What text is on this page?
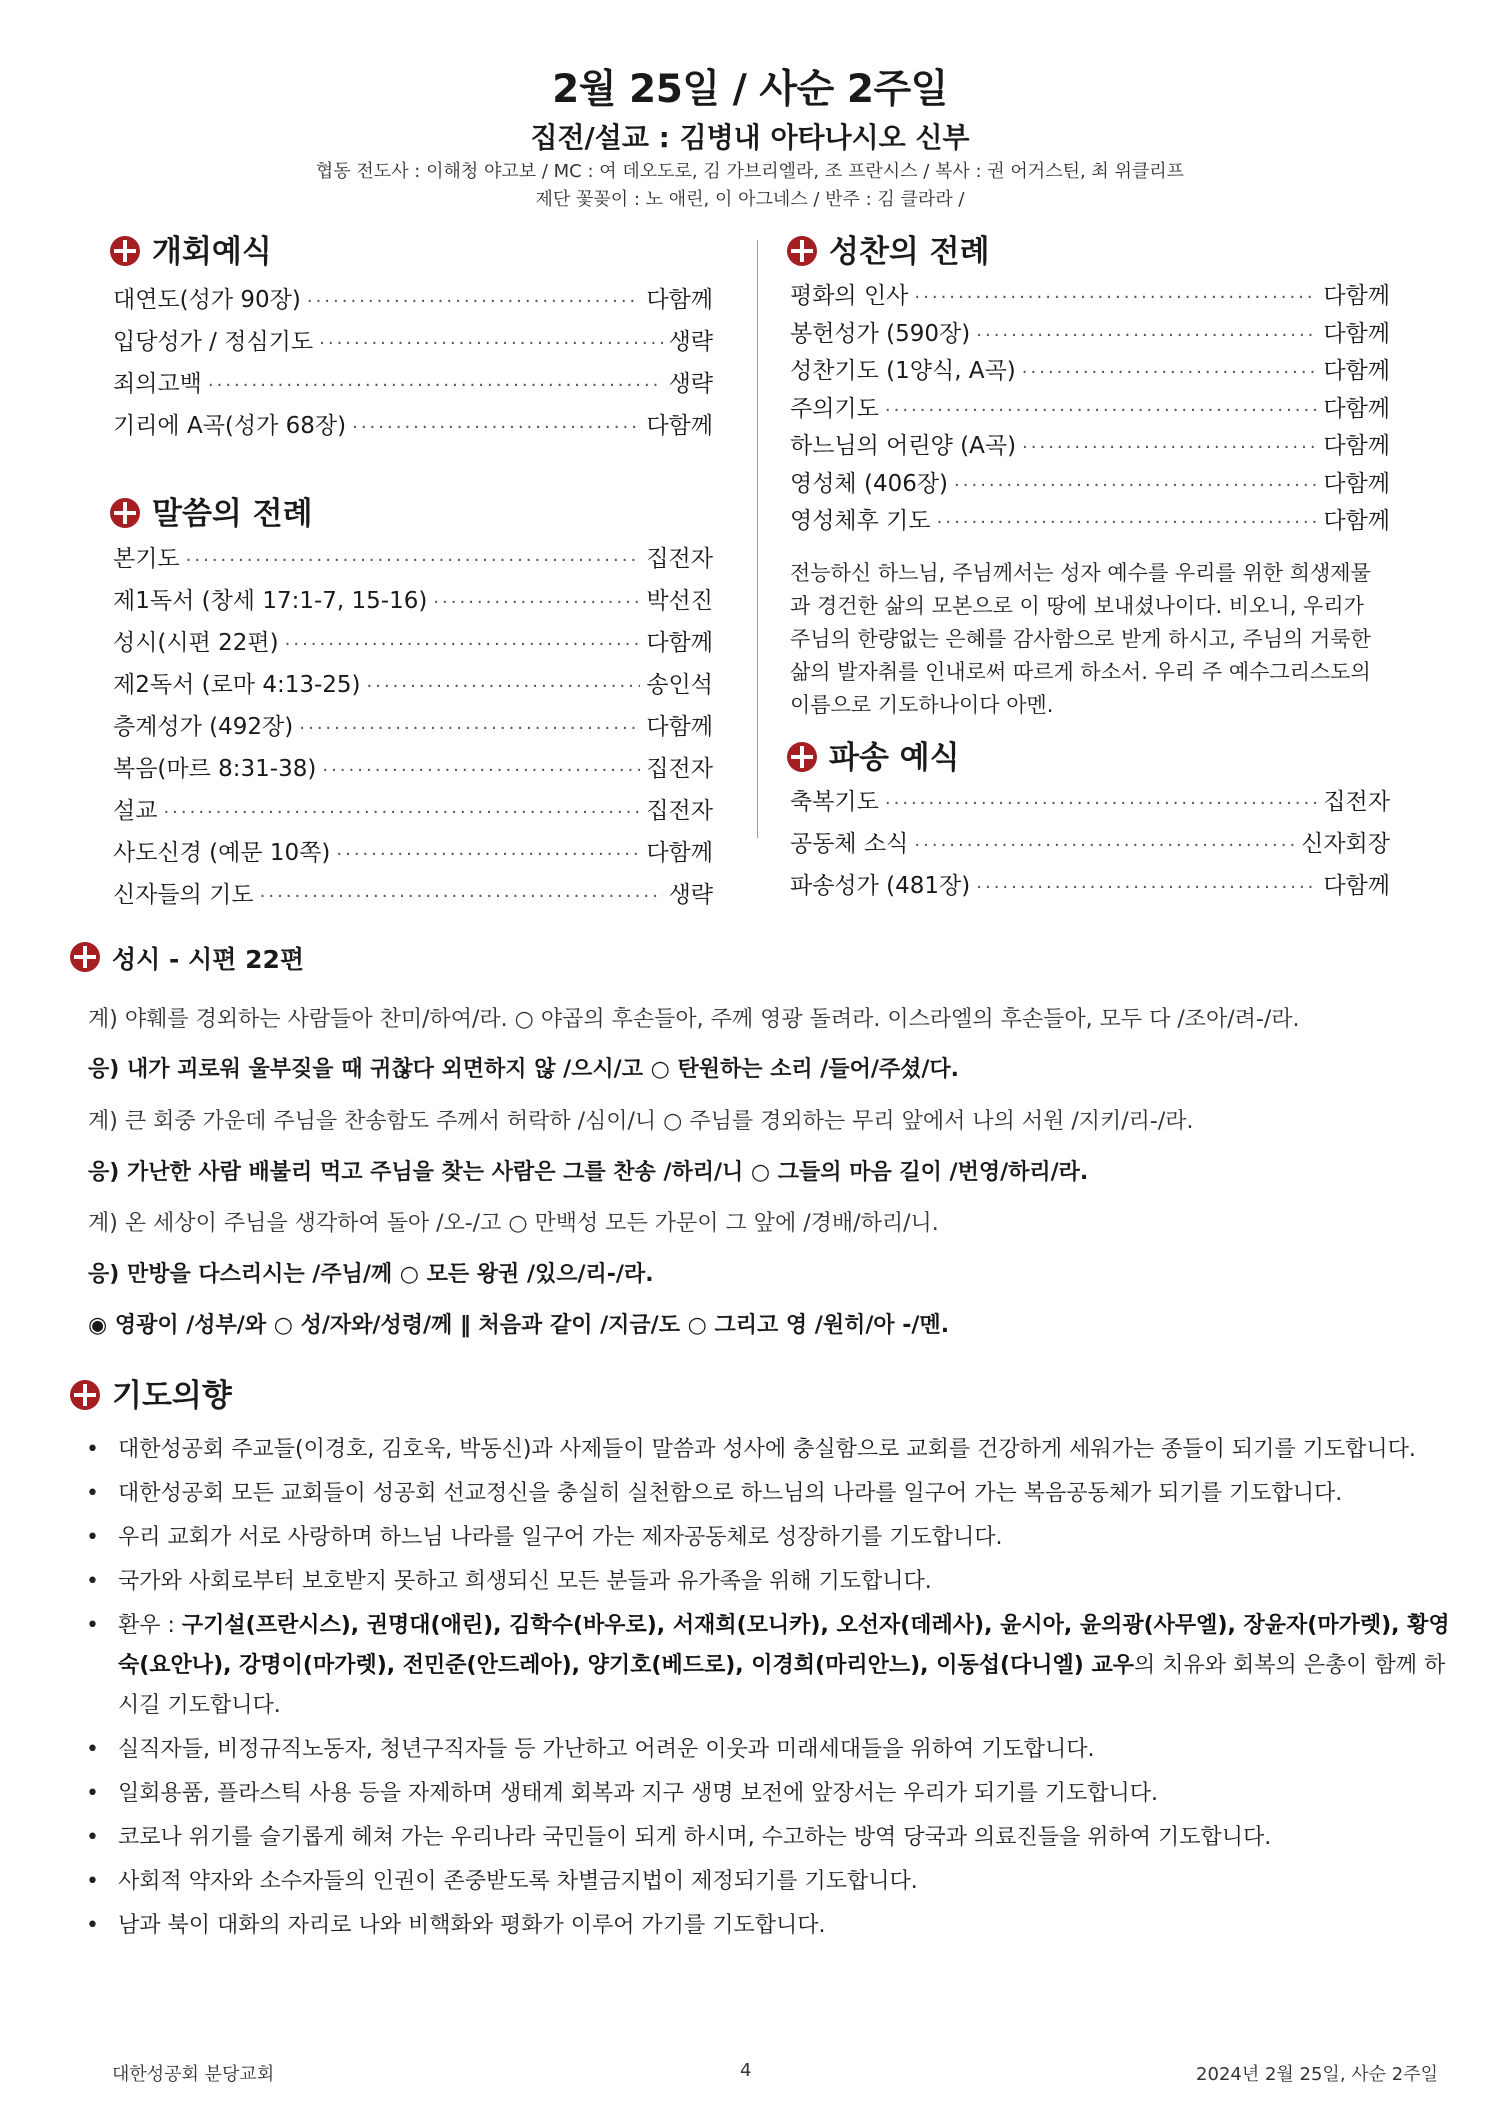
2월 25일 / 사순 2주일
집전/설교 : 김병내 아타나시오 신부
협동 전도사 : 이해청 야고보 / MC : 여 데오도로, 김 가브리엘라, 조 프란시스 / 복사 : 권 어거스틴, 최 위클리프
제단 꽃꽂이 : 노 애린, 이 아그네스 / 반주 : 김 클라라 /
개회예식
대연도(성가 90장) ·····	다함께
입당성가 / 정심기도 ·····	생략
죄의고백 ·····	생략
기리에 A곡(성가 68장) ·····	다함께
말씀의 전례
본기도 ·····	집전자
제1독서 (창세 17:1-7, 15-16) ·····	박선진
성시(시편 22편) ·····	다함께
제2독서 (로마 4:13-25) ·····	송인석
층계성가 (492장) ·····	다함께
복음(마르 8:31-38) ·····	집전자
설교 ·····	집전자
사도신경 (예문 10쪽) ·····	다함께
신자들의 기도 ·····	생략
성찬의 전례
평화의 인사 ·····	다함께
봉헌성가 (590장) ·····	다함께
성찬기도 (1양식, A곡) ·····	다함께
주의기도 ·····	다함께
하느님의 어린양 (A곡) ·····	다함께
영성체 (406장) ·····	다함께
영성체후 기도 ·····	다함께
전능하신 하느님, 주님께서는 성자 예수를 우리를 위한 희생제물과 경건한 삶의 모본으로 이 땅에 보내셨나이다. 비오니, 우리가 주님의 한량없는 은혜를 감사함으로 받게 하시고, 주님의 거룩한 삶의 발자취를 인내로써 따르게 하소서. 우리 주 예수그리스도의 이름으로 기도하나이다 아멘.
파송 예식
축복기도 ·····	집전자
공동체 소식 ·····	신자회장
파송성가 (481장) ·····	다함께
성시 - 시편 22편
계) 야훼를 경외하는 사람들아 찬미/하여/라. ○ 야곱의 후손들아, 주께 영광 돌려라. 이스라엘의 후손들아, 모두 다 /조아/려-/라.
응) 내가 괴로워 울부짖을 때 귀찮다 외면하지 않 /으시/고 ○ 탄원하는 소리 /들어/주셨/다.
계) 큰 회중 가운데 주님을 찬송함도 주께서 허락하 /심이/니 ○ 주님를 경외하는 무리 앞에서 나의 서원 /지키/리-/라.
응) 가난한 사람 배불리 먹고 주님을 찾는 사람은 그를 찬송 /하리/니 ○ 그들의 마음 길이 /번영/하리/라.
계) 온 세상이 주님을 생각하여 돌아 /오-/고 ○ 만백성 모든 가문이 그 앞에 /경배/하리/니.
응) 만방을 다스리시는 /주님/께 ○ 모든 왕권 /있으/리-/라.
◉ 영광이 /성부/와 ○ 성/자와/성령/께 ‖ 처음과 같이 /지금/도 ○ 그리고 영 /원히/아 -/멘.
기도의향
• 대한성공회 주교들(이경호, 김호욱, 박동신)과 사제들이 말씀과 성사에 충실함으로 교회를 건강하게 세워가는 종들이 되기를 기도합니다.
• 대한성공회 모든 교회들이 성공회 선교정신을 충실히 실천함으로 하느님의 나라를 일구어 가는 복음공동체가 되기를 기도합니다.
• 우리 교회가 서로 사랑하며 하느님 나라를 일구어 가는 제자공동체로 성장하기를 기도합니다.
• 국가와 사회로부터 보호받지 못하고 희생되신 모든 분들과 유가족을 위해 기도합니다.
• 환우 : 구기설(프란시스), 권명대(애린), 김학수(바우로), 서재희(모니카), 오선자(데레사), 윤시아, 윤의광(사무엘), 장윤자(마가렛), 황영숙(요안나), 강명이(마가렛), 전민준(안드레아), 양기호(베드로), 이경희(마리안느), 이동섭(다니엘) 교우의 치유와 회복의 은총이 함께 하시길 기도합니다.
• 실직자들, 비정규직노동자, 청년구직자들 등 가난하고 어려운 이웃과 미래세대들을 위하여 기도합니다.
• 일회용품, 플라스틱 사용 등을 자제하며 생태계 회복과 지구 생명 보전에 앞장서는 우리가 되기를 기도합니다.
• 코로나 위기를 슬기롭게 헤쳐 가는 우리나라 국민들이 되게 하시며, 수고하는 방역 당국과 의료진들을 위하여 기도합니다.
• 사회적 약자와 소수자들의 인권이 존중받도록 차별금지법이 제정되기를 기도합니다.
• 남과 북이 대화의 자리로 나와 비핵화와 평화가 이루어 가기를 기도합니다.
대한성공회 분당교회	4	2024년 2월 25일, 사순 2주일
